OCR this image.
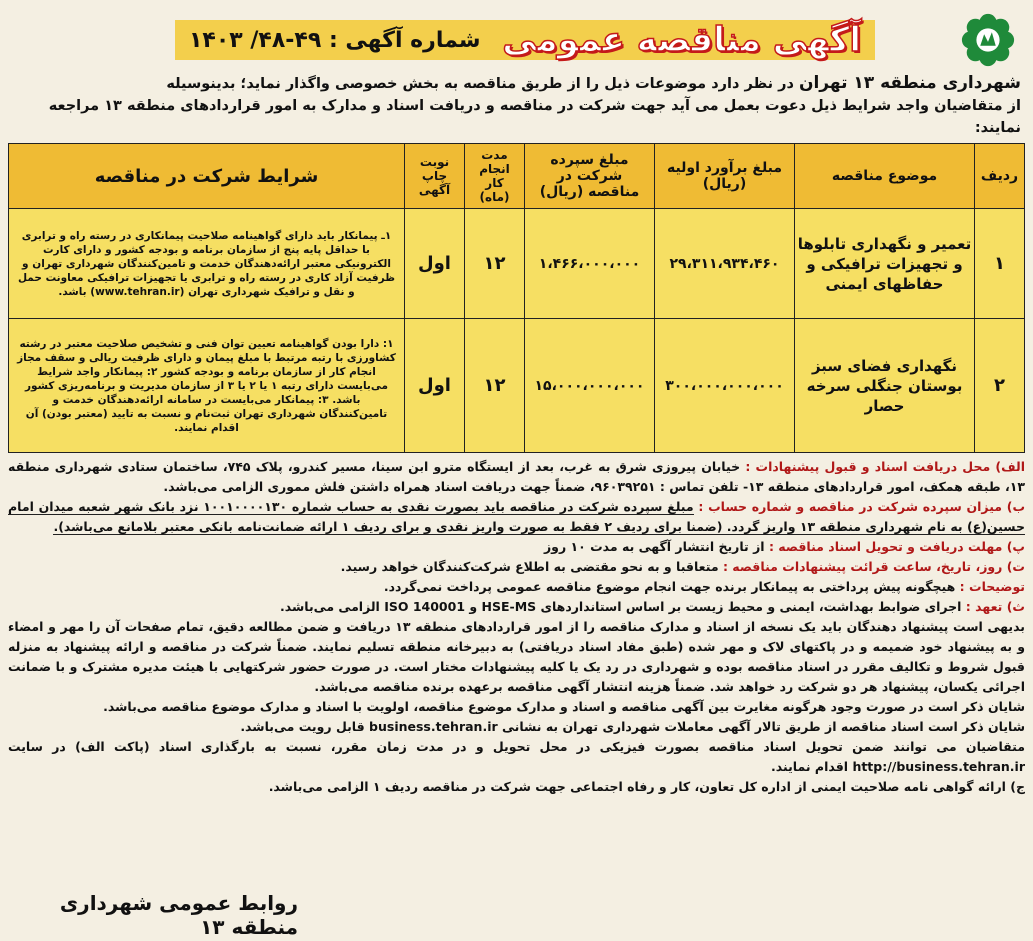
آگهی مناقصه عمومی
شماره آگهی : ۴۹-۴۸/ ۱۴۰۳
شهرداری منطقه ۱۳ تهران در نظر دارد موضوعات ذیل را از طریق مناقصه به بخش خصوصی واگذار نماید؛ بدینوسیله
از متقاضیان واجد شرایط ذیل دعوت بعمل می آید جهت شرکت در مناقصه و دریافت اسناد و مدارک به امور قراردادهای منطقه ۱۳ مراجعه نمایند:
ردیف	موضوع مناقصه	مبلغ برآورد اولیه (ریال)	مبلغ سپرده شرکت در مناقصه (ریال)	مدت انجام کار (ماه)	نوبت چاپ آگهی	شرایط شرکت در مناقصه
۱	تعمیر و نگهداری تابلوها و تجهیزات ترافیکی و حفاظهای ایمنی	۲۹،۳۱۱،۹۳۴،۴۶۰	۱،۴۶۶،۰۰۰،۰۰۰	۱۲	اول	۱ـ پیمانکار باید دارای گواهینامه صلاحیت پیمانکاری در رسته راه و ترابری با حداقل پایه پنج از سازمان برنامه و بودجه کشور و دارای کارت الکترونیکی معتبر ارائه‌دهندگان خدمت و تامین‌کنندگان شهرداری تهران و ظرفیت آزاد کاری در رسته راه و ترابری یا تجهیزات ترافیکی معاونت حمل و نقل و ترافیک شهرداری تهران (www.tehran.ir) باشد.
۲	نگهداری فضای سبز بوستان جنگلی سرخه حصار	۳۰۰،۰۰۰،۰۰۰،۰۰۰	۱۵،۰۰۰،۰۰۰،۰۰۰	۱۲	اول	۱: دارا بودن گواهینامه تعیین توان فنی و تشخیص صلاحیت معتبر در رشته کشاورزی با رتبه مرتبط با مبلغ پیمان و دارای ظرفیت ریالی و سقف مجاز انجام کار از سازمان برنامه و بودجه کشور ۲: پیمانکار واجد شرایط می‌بایست دارای رتبه ۱ یا ۲ یا ۳ از سازمان مدیریت و برنامه‌ریزی کشور باشد. ۳: پیمانکار می‌بایست در سامانه ارائه‌دهندگان خدمت و تامین‌کنندگان شهرداری تهران ثبت‌نام و نسبت به تایید (معتبر بودن) آن اقدام نمایند.
الف) محل دریافت اسناد و قبول پیشنهادات : خیابان پیروزی شرق به غرب، بعد از ایستگاه مترو ابن سینا، مسیر کندرو، پلاک ۷۴۵، ساختمان ستادی شهرداری منطقه ۱۳، طبقه همکف، امور قراردادهای منطقه ۱۳- تلفن تماس : ۹۶۰۳۹۲۵۱، ضمناً جهت دریافت اسناد همراه داشتن فلش مموری الزامی می‌باشد.
ب) میزان سپرده شرکت در مناقصه و شماره حساب : مبلغ سپرده شرکت در مناقصه باید بصورت نقدی به حساب شماره ۱۰۰۱۰۰۰۰۱۳۰ نزد بانک شهر شعبه میدان امام حسین(ع) به نام شهرداری منطقه ۱۳ واریز گردد. (ضمنا برای ردیف ۲ فقط به صورت واریز نقدی و برای ردیف ۱ ارائه ضمانت‌نامه بانکی معتبر بلامانع می‌باشد).
پ) مهلت دریافت و تحویل اسناد مناقصه : از تاریخ انتشار آگهی به مدت ۱۰ روز
ت) روز، تاریخ، ساعت قرائت پیشنهادات مناقصه : متعاقبا و به نحو مقتضی به اطلاع شرکت‌کنندگان خواهد رسید.
توضیحات : هیچگونه پیش پرداختی به پیمانکار برنده جهت انجام موضوع مناقصه عمومی پرداخت نمی‌گردد.
ث) تعهد : اجرای ضوابط بهداشت، ایمنی و محیط زیست بر اساس استانداردهای HSE-MS و ISO 140001 الزامی می‌باشد.
بدیهی است پیشنهاد دهندگان باید یک نسخه از اسناد و مدارک مناقصه را از امور قراردادهای منطقه ۱۳ دریافت و ضمن مطالعه دقیق، تمام صفحات آن را مهر و امضاء و به پیشنهاد خود ضمیمه و در پاکتهای لاک و مهر شده (طبق مفاد اسناد دریافتی) به دبیرخانه منطقه تسلیم نمایند. ضمناً شرکت در مناقصه و ارائه پیشنهاد به منزله قبول شروط و تکالیف مقرر در اسناد مناقصه بوده و شهرداری در رد یک یا کلیه پیشنهادات مختار است. در صورت حضور شرکتهایی با هیئت مدیره مشترک و با ضمانت اجرائی یکسان، پیشنهاد هر دو شرکت رد خواهد شد. ضمناً هزینه انتشار آگهی مناقصه برعهده برنده مناقصه می‌باشد.
شایان ذکر است در صورت وجود هرگونه مغایرت بین آگهی مناقصه و اسناد و مدارک موضوع مناقصه، اولویت با اسناد و مدارک موضوع مناقصه می‌باشد.
شایان ذکر است اسناد مناقصه از طریق تالار آگهی معاملات شهرداری تهران به نشانی business.tehran.ir قابل رویت می‌باشد.
متقاضیان می توانند ضمن تحویل اسناد مناقصه بصورت فیزیکی در محل تحویل و در مدت زمان مقرر، نسبت به بارگذاری اسناد (پاکت الف) در سایت http://business.tehran.ir اقدام نمایند.
ج) ارائه گواهی نامه صلاحیت ایمنی از اداره کل تعاون، کار و رفاه اجتماعی جهت شرکت در مناقصه ردیف ۱ الزامی می‌باشد.
روابط عمومی شهرداری منطقه ۱۳
